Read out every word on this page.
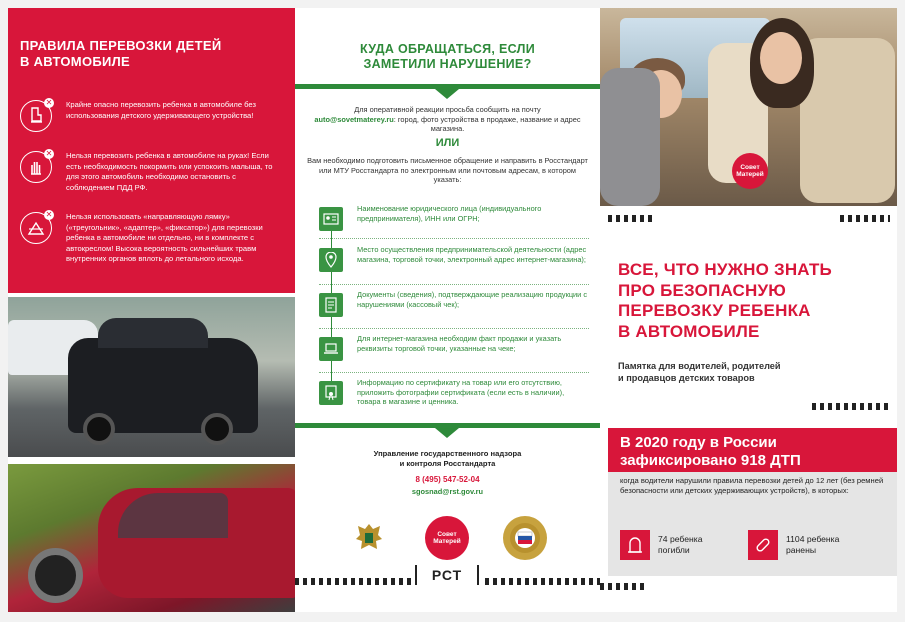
ПРАВИЛА ПЕРЕВОЗКИ ДЕТЕЙ
В АВТОМОБИЛЕ
✕ Крайне опасно перевозить ребенка в автомобиле без использования детского удерживающего устройства!

✕ Нельзя перевозить ребенка в автомобиле на руках! Если есть необходимость покормить или успокоить малыша, то для этого автомобиль необходимо остановить с соблюдением ПДД РФ.

✕ Нельзя использовать «направляющую лямку» («треугольник», «адаптер», «фиксатор») для перевозки ребенка в автомобиле ни отдельно, ни в комплекте с автокреслом! Высока вероятность сильнейших травм внутренних органов вплоть до летального исхода.

КУДА ОБРАЩАТЬСЯ, ЕСЛИ
ЗАМЕТИЛИ НАРУШЕНИЕ?
Для оперативной реакции просьба сообщить на почту
auto@sovetmaterey.ru: город, фото устройства в продаже, название и адрес магазина.
ИЛИ
Вам необходимо подготовить письменное обращение и направить в Росстандарт или МТУ Росстандарта по электронным или почтовым адресам, в котором указать:

Наименование юридического лица (индивидуального предпринимателя), ИНН или ОГРН;

Место осуществления предпринимательской деятельности (адрес магазина, торговой точки, электронный адрес интернет-магазина);

Документы (сведения), подтверждающие реализацию продукции с нарушениями (кассовый чек);

Для интернет-магазина необходим факт продажи и указать реквизиты торговой точки, указанные на чеке;

Информацию по сертификату на товар или его отсутствию, приложить фотографии сертификата (если есть в наличии), товара в магазине и ценника.

Управление государственного надзора
и контроля Росстандарта
8 (495) 547-52-04
sgosnad@rst.gov.ru
Совет Матерей
РСТ
Совет Матерей
ВСЕ, ЧТО НУЖНО ЗНАТЬ
ПРО БЕЗОПАСНУЮ
ПЕРЕВОЗКУ РЕБЕНКА
В АВТОМОБИЛЕ
Памятка для водителей, родителей
и продавцов детских товаров
В 2020 году в России
зафиксировано 918 ДТП
когда водители нарушили правила перевозки детей до 12 лет (без ремней безопасности или детских удерживающих устройств), в которых:
74 ребенка погибли
1104 ребенка ранены
